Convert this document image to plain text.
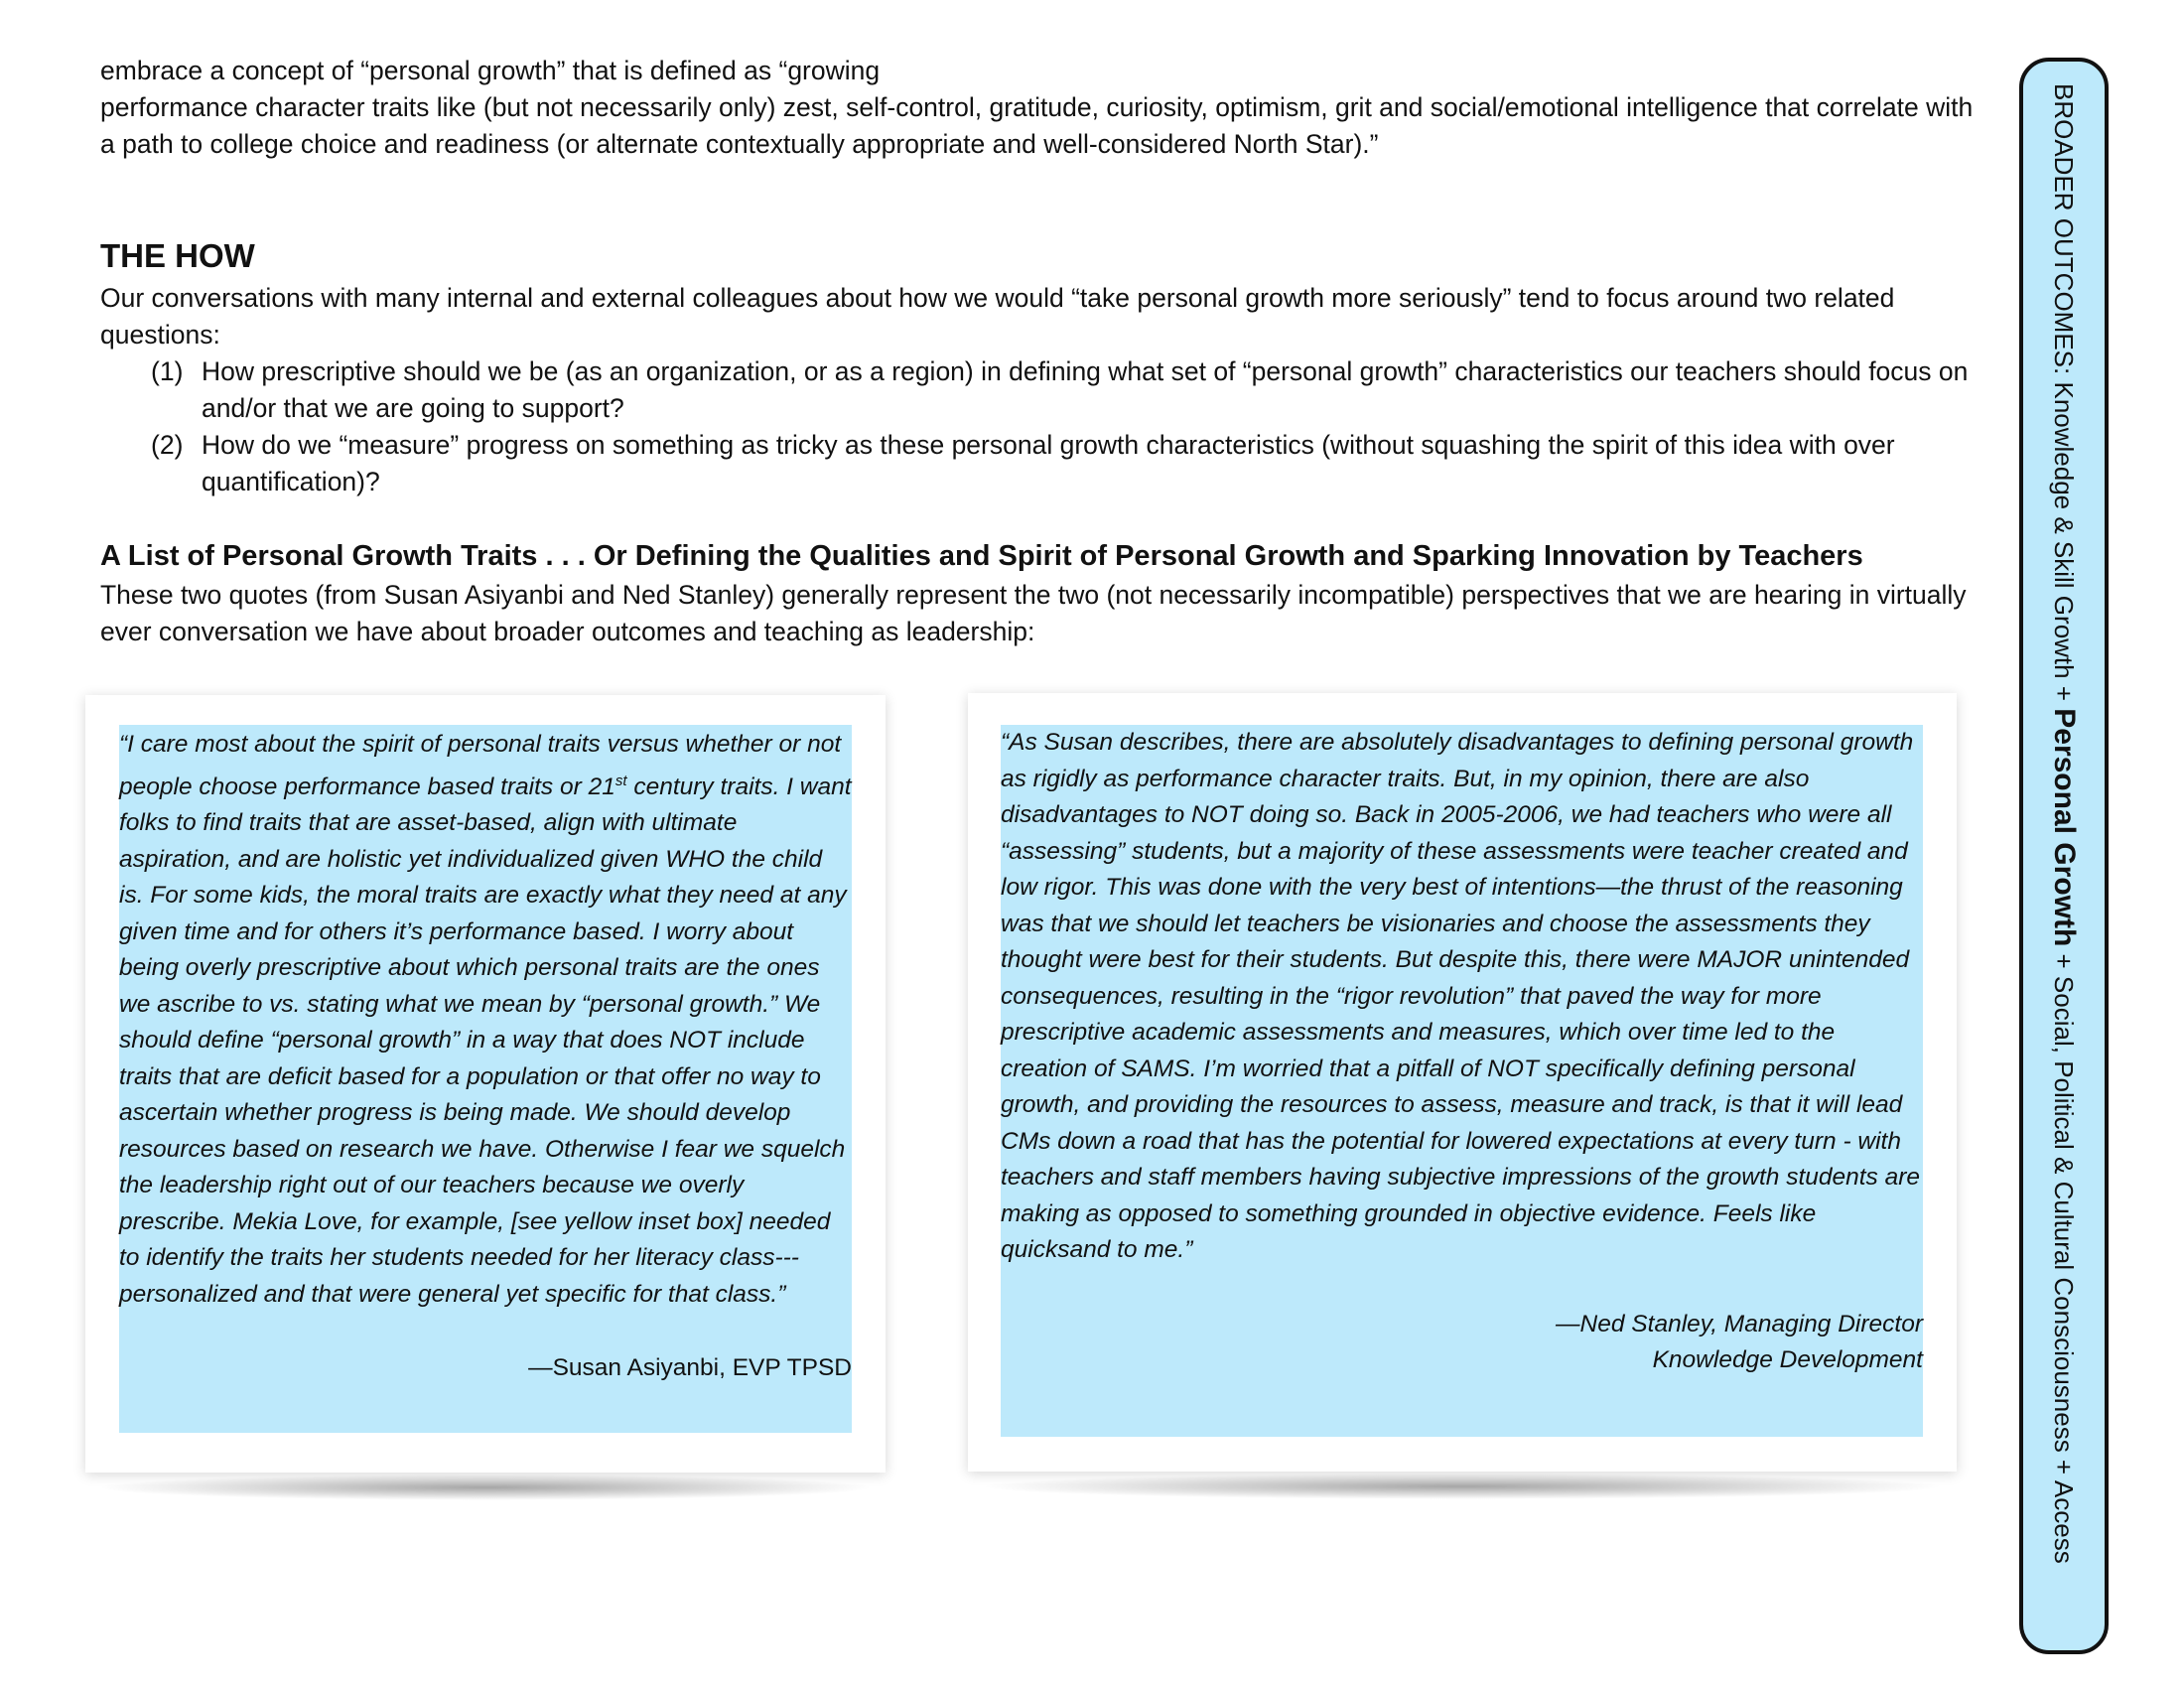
embrace a concept of “personal growth” that is defined as “growing

performance character traits like (but not necessarily only) zest, self-control, gratitude, curiosity, optimism, grit and social/emotional intelligence that correlate with a path to college choice and readiness (or alternate contextually appropriate and well-considered North Star).”

THE HOW

Our conversations with many internal and external colleagues about how we would “take personal growth more seriously” tend to focus around two related questions:

(1) How prescriptive should we be (as an organization, or as a region) in defining what set of “personal growth” characteristics our teachers should focus on and/or that we are going to support?
(2) How do we “measure” progress on something as tricky as these personal growth characteristics (without squashing the spirit of this idea with over quantification)?
A List of Personal Growth Traits . . . Or Defining the Qualities and Spirit of Personal Growth and Sparking Innovation by Teachers

These two quotes (from Susan Asiyanbi and Ned Stanley) generally represent the two (not necessarily incompatible) perspectives that we are hearing in virtually ever conversation we have about broader outcomes and teaching as leadership:

“I care most about the spirit of personal traits versus whether or not people choose performance based traits or 21st century traits. I want folks to find traits that are asset-based, align with ultimate aspiration, and are holistic yet individualized given WHO the child is. For some kids, the moral traits are exactly what they need at any given time and for others it’s performance based. I worry about being overly prescriptive about which personal traits are the ones we ascribe to vs. stating what we mean by “personal growth.” We should define “personal growth” in a way that does NOT include traits that are deficit based for a population or that offer no way to ascertain whether progress is being made. We should develop resources based on research we have. Otherwise I fear we squelch the leadership right out of our teachers because we overly prescribe. Mekia Love, for example, [see yellow inset box] needed to identify the traits her students needed for her literacy class---personalized and that were general yet specific for that class.”

—Susan Asiyanbi, EVP TPSD

“As Susan describes, there are absolutely disadvantages to defining personal growth as rigidly as performance character traits. But, in my opinion, there are also disadvantages to NOT doing so. Back in 2005-2006, we had teachers who were all “assessing” students, but a majority of these assessments were teacher created and low rigor. This was done with the very best of intentions—the thrust of the reasoning was that we should let teachers be visionaries and choose the assessments they thought were best for their students. But despite this, there were MAJOR unintended consequences, resulting in the “rigor revolution” that paved the way for more prescriptive academic assessments and measures, which over time led to the creation of SAMS. I’m worried that a pitfall of NOT specifically defining personal growth, and providing the resources to assess, measure and track, is that it will lead CMs down a road that has the potential for lowered expectations at every turn - with teachers and staff members having subjective impressions of the growth students are making as opposed to something grounded in objective evidence. Feels like quicksand to me.”

—Ned Stanley, Managing Director
Knowledge Development

BROADER OUTCOMES: Knowledge & Skill Growth + Personal Growth + Social, Political & Cultural Consciousness + Access
